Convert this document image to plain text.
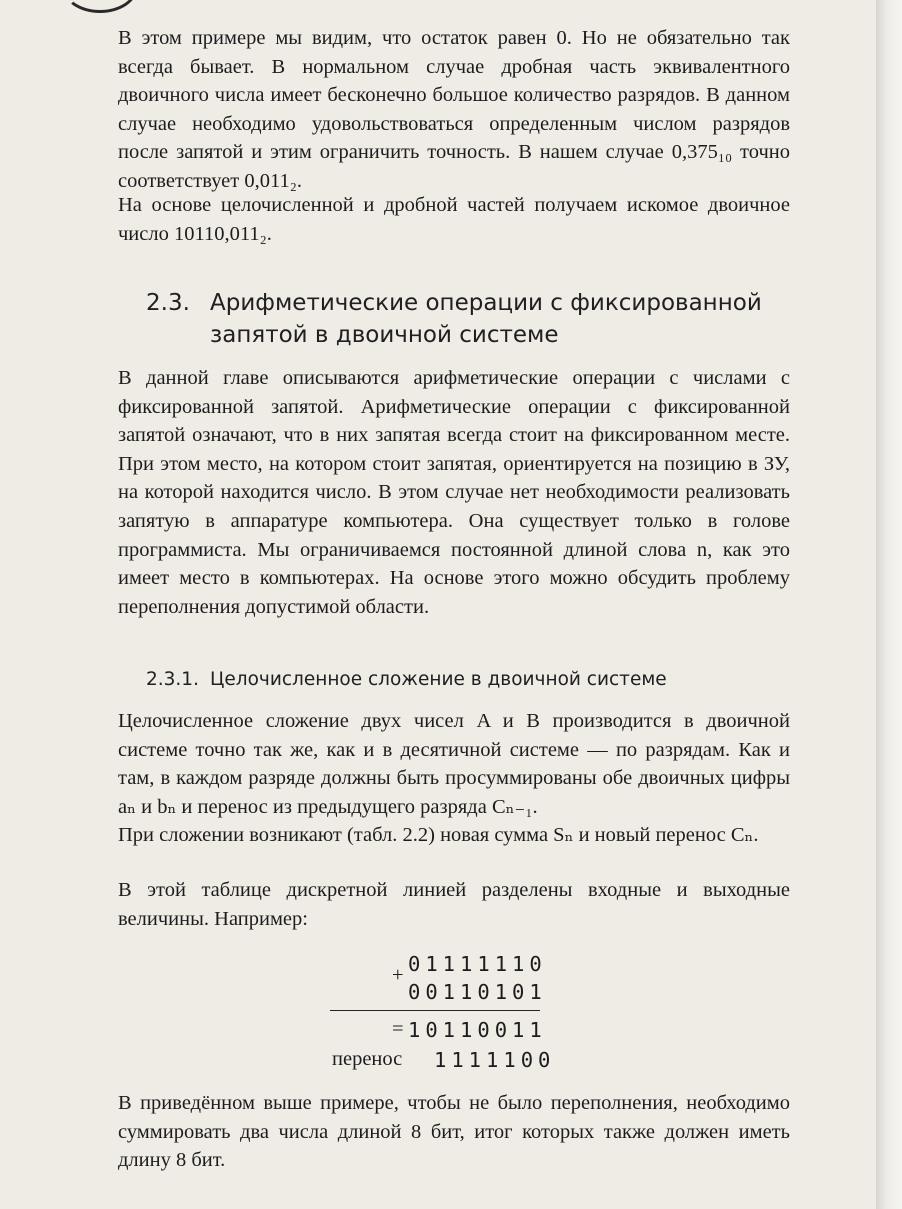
В этом примере мы видим, что остаток равен 0. Но не обязательно так всегда бывает. В нормальном случае дробная часть эквивалентного двоичного числа имеет бесконечно большое количество разрядов. В данном случае необходимо удовольствоваться определенным числом разрядов после запятой и этим ограничить точность. В нашем случае 0,375₁₀ точно соответствует 0,011₂.

На основе целочисленной и дробной частей получаем искомое двоичное число 10110,011₂.

2.3. Арифметические операции с фиксированной запятой в двоичной системе

В данной главе описываются арифметические операции с числами с фиксированной запятой. Арифметические операции с фиксированной запятой означают, что в них запятая всегда стоит на фиксированном месте. При этом место, на котором стоит запятая, ориентируется на позицию в ЗУ, на которой находится число. В этом случае нет необходимости реализовать запятую в аппаратуре компьютера. Она существует только в голове программиста. Мы ограничиваемся постоянной длиной слова n, как это имеет место в компьютерах. На основе этого можно обсудить проблему переполнения допустимой области.

2.3.1. Целочисленное сложение в двоичной системе

Целочисленное сложение двух чисел A и B производится в двоичной системе точно так же, как и в десятичной системе — по разрядам. Как и там, в каждом разряде должны быть просуммированы обе двоичных цифры aₙ и bₙ и перенос из предыдущего разряда Cₙ₋₁.

При сложении возникают (табл. 2.2) новая сумма Sₙ и новый перенос Cₙ.

В этой таблице дискретной линией разделены входные и выходные величины. Например:

В приведённом выше примере, чтобы не было переполнения, необходимо суммировать два числа длиной 8 бит, итог которых также должен иметь длину 8 бит.

+ 01111110
00110101
= 10110011
перенос 1111100
